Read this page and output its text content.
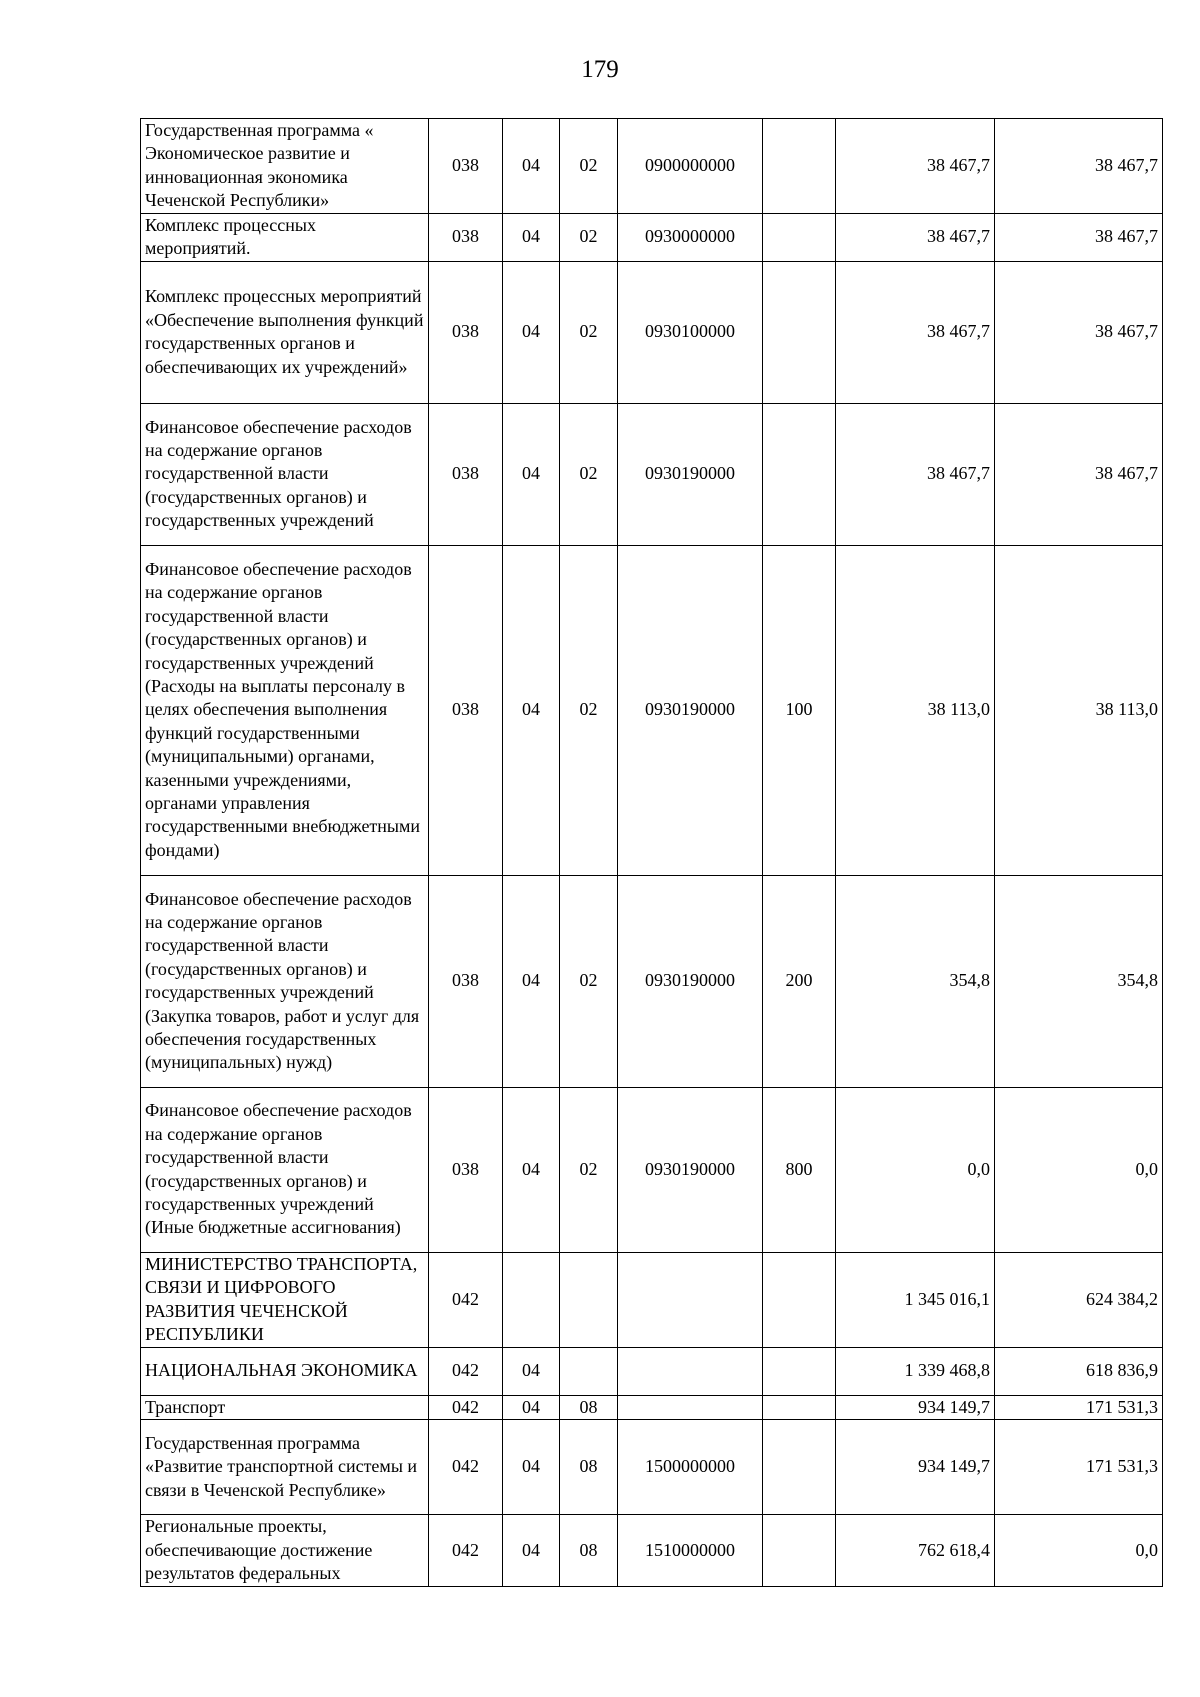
179
Государственная программа « Экономическое развитие и инновационная экономика Чеченской Республики»	038	04	02	0900000000		38 467,7	38 467,7
Комплекс процессных мероприятий.	038	04	02	0930000000		38 467,7	38 467,7
Комплекс процессных мероприятий «Обеспечение выполнения функций государственных органов и обеспечивающих их учреждений»	038	04	02	0930100000		38 467,7	38 467,7
Финансовое обеспечение расходов на содержание органов государственной власти (государственных органов) и государственных учреждений	038	04	02	0930190000		38 467,7	38 467,7
Финансовое обеспечение расходов на содержание органов государственной власти (государственных органов) и государственных учреждений (Расходы на выплаты персоналу в целях обеспечения выполнения функций государственными (муниципальными) органами, казенными учреждениями, органами управления государственными внебюджетными фондами)	038	04	02	0930190000	100	38 113,0	38 113,0
Финансовое обеспечение расходов на содержание органов государственной власти (государственных органов) и государственных учреждений (Закупка товаров, работ и услуг для обеспечения государственных (муниципальных) нужд)	038	04	02	0930190000	200	354,8	354,8
Финансовое обеспечение расходов на содержание органов государственной власти (государственных органов) и государственных учреждений (Иные бюджетные ассигнования)	038	04	02	0930190000	800	0,0	0,0
МИНИСТЕРСТВО ТРАНСПОРТА, СВЯЗИ И ЦИФРОВОГО РАЗВИТИЯ ЧЕЧЕНСКОЙ РЕСПУБЛИКИ	042					1 345 016,1	624 384,2
НАЦИОНАЛЬНАЯ ЭКОНОМИКА	042	04				1 339 468,8	618 836,9
Транспорт	042	04	08			934 149,7	171 531,3
Государственная программа «Развитие транспортной системы и связи в Чеченской Республике»	042	04	08	1500000000		934 149,7	171 531,3
Региональные проекты, обеспечивающие достижение результатов федеральных	042	04	08	1510000000		762 618,4	0,0
